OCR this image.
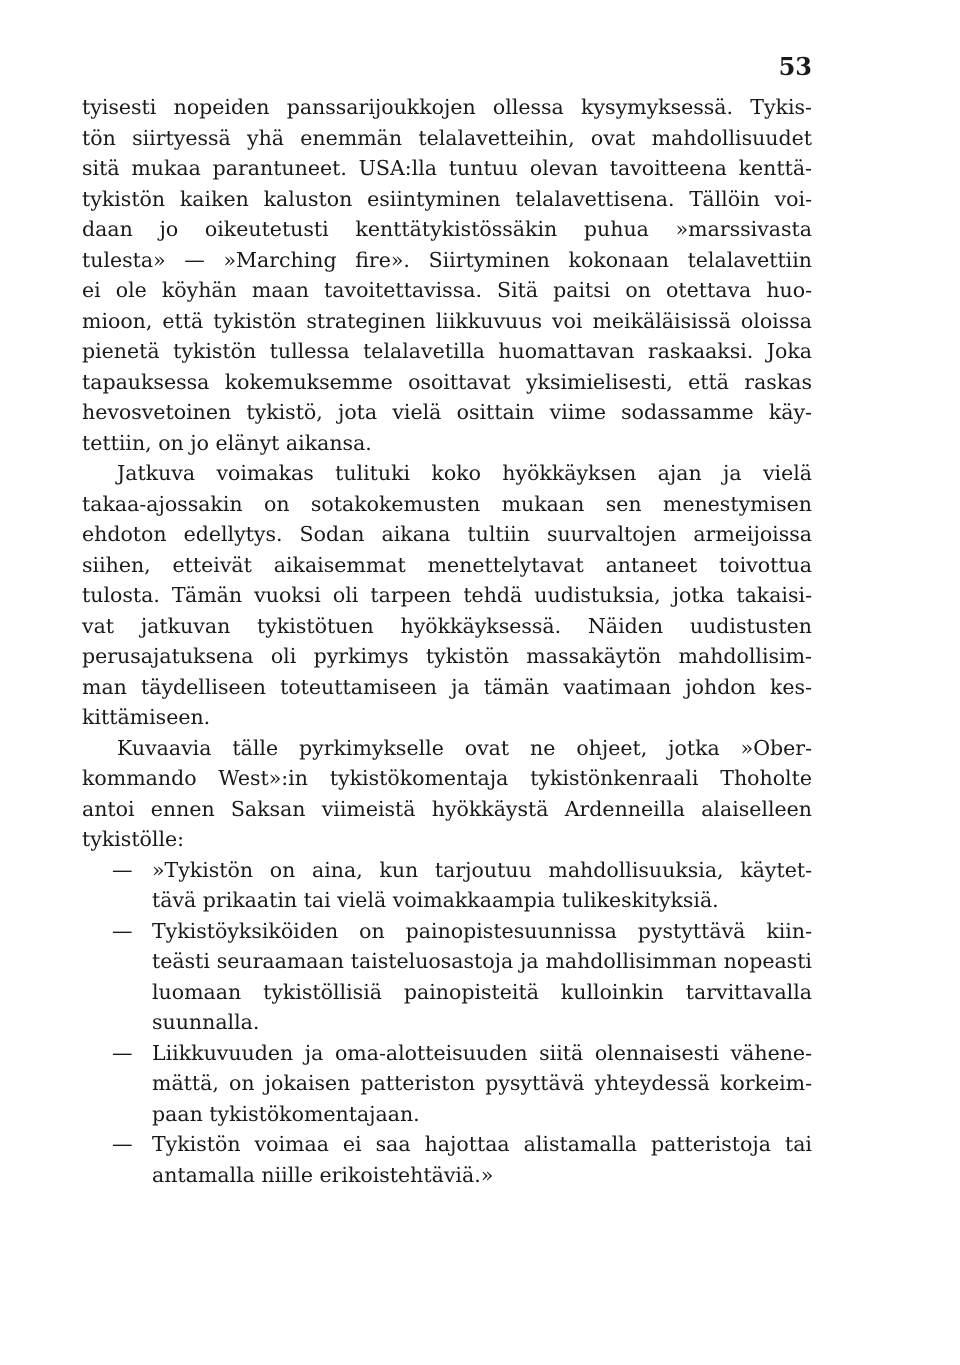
53
tyisesti nopeiden panssarijoukkojen ollessa kysymyksessä. Tykis-
tön siirtyessä yhä enemmän telalavetteihin, ovat mahdollisuudet
sitä mukaa parantuneet. USA:lla tuntuu olevan tavoitteena kenttä-
tykistön kaiken kaluston esiintyminen telalavettisena. Tällöin voi-
daan jo oikeutetusti kenttätykistössäkin puhua »marssivasta
tulesta» — »Marching fire». Siirtyminen kokonaan telalavettiin
ei ole köyhän maan tavoitettavissa. Sitä paitsi on otettava huo-
mioon, että tykistön strateginen liikkuvuus voi meikäläisissä oloissa
pienetä tykistön tullessa telalavetilla huomattavan raskaaksi. Joka
tapauksessa kokemuksemme osoittavat yksimielisesti, että raskas
hevosvetoinen tykistö, jota vielä osittain viime sodassamme käy-
tettiin, on jo elänyt aikansa.
Jatkuva voimakas tulituki koko hyökkäyksen ajan ja vielä
takaa-ajossakin on sotakokemusten mukaan sen menestymisen
ehdoton edellytys. Sodan aikana tultiin suurvaltojen armeijoissa
siihen, etteivät aikaisemmat menettelytavat antaneet toivottua
tulosta. Tämän vuoksi oli tarpeen tehdä uudistuksia, jotka takaisi-
vat jatkuvan tykistötuen hyökkäyksessä. Näiden uudistusten
perusajatuksena oli pyrkimys tykistön massakäytön mahdollisim-
man täydelliseen toteuttamiseen ja tämän vaatimaan johdon kes-
kittämiseen.
Kuvaavia tälle pyrkimykselle ovat ne ohjeet, jotka »Ober-
kommando West»:in tykistökomentaja tykistönkenraali Thoholte
antoi ennen Saksan viimeistä hyökkäystä Ardenneilla alaiselleen
tykistölle:
— »Tykistön on aina, kun tarjoutuu mahdollisuuksia, käytet-
tävä prikaatin tai vielä voimakkaampia tulikeskityksiä.
— Tykistöyksiköiden on painopistesuunnissa pystyttävä kiin-
teästi seuraamaan taisteluosastoja ja mahdollisimman nopeasti
luomaan tykistöllisiä painopisteitä kulloinkin tarvittavalla
suunnalla.
— Liikkuvuuden ja oma-alotteisuuden siitä olennaisesti vähene-
mättä, on jokaisen patteriston pysyttävä yhteydessä korkeim-
paan tykistökomentajaan.
— Tykistön voimaa ei saa hajottaa alistamalla patteristoja tai
antamalla niille erikoistehtäviä.»
